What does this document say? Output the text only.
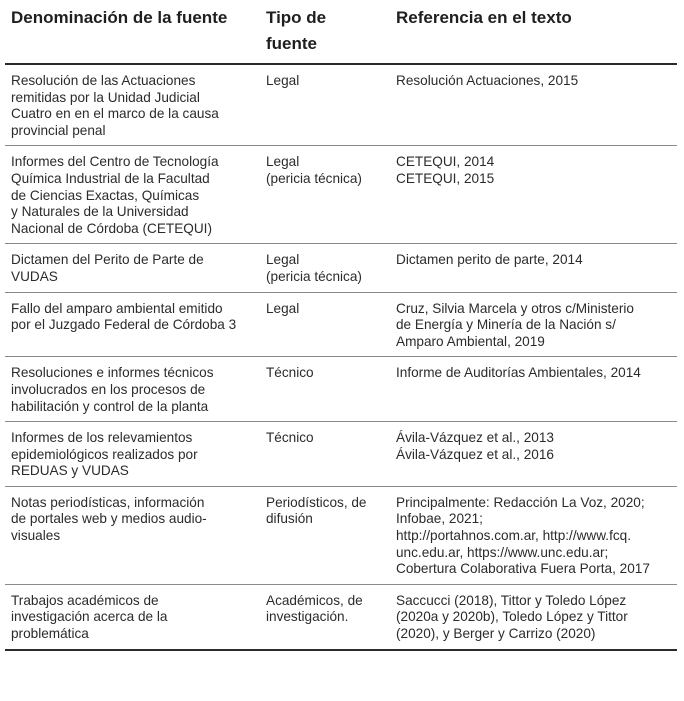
Denominación de la fuente	Tipo de
fuente	Referencia en el texto

Resolución de las Actuaciones
remitidas por la Unidad Judicial
Cuatro en en el marco de la causa
provincial penal	Legal	Resolución Actuaciones, 2015

Informes del Centro de Tecnología
Química Industrial de la Facultad
de Ciencias Exactas, Químicas
y Naturales de la Universidad
Nacional de Córdoba (CETEQUI)	Legal
(pericia técnica)	CETEQUI, 2014
CETEQUI, 2015

Dictamen del Perito de Parte de
VUDAS	Legal
(pericia técnica)	Dictamen perito de parte, 2014

Fallo del amparo ambiental emitido
por el Juzgado Federal de Córdoba 3	Legal	Cruz, Silvia Marcela y otros c/Ministerio
de Energía y Minería de la Nación s/
Amparo Ambiental, 2019

Resoluciones e informes técnicos
involucrados en los procesos de
habilitación y control de la planta	Técnico	Informe de Auditorías Ambientales, 2014

Informes de los relevamientos
epidemiológicos realizados por
REDUAS y VUDAS	Técnico	Ávila-Vázquez et al., 2013
Ávila-Vázquez et al., 2016

Notas periodísticas, información
de portales web y medios audio-
visuales	Periodísticos, de
difusión	Principalmente: Redacción La Voz, 2020;
Infobae, 2021;
http://portahnos.com.ar, http://www.fcq.
unc.edu.ar, https://www.unc.edu.ar;
Cobertura Colaborativa Fuera Porta, 2017

Trabajos académicos de
investigación acerca de la
problemática	Académicos, de
investigación.	Saccucci (2018), Tittor y Toledo López
(2020a y 2020b), Toledo López y Tittor
(2020), y Berger y Carrizo (2020)
